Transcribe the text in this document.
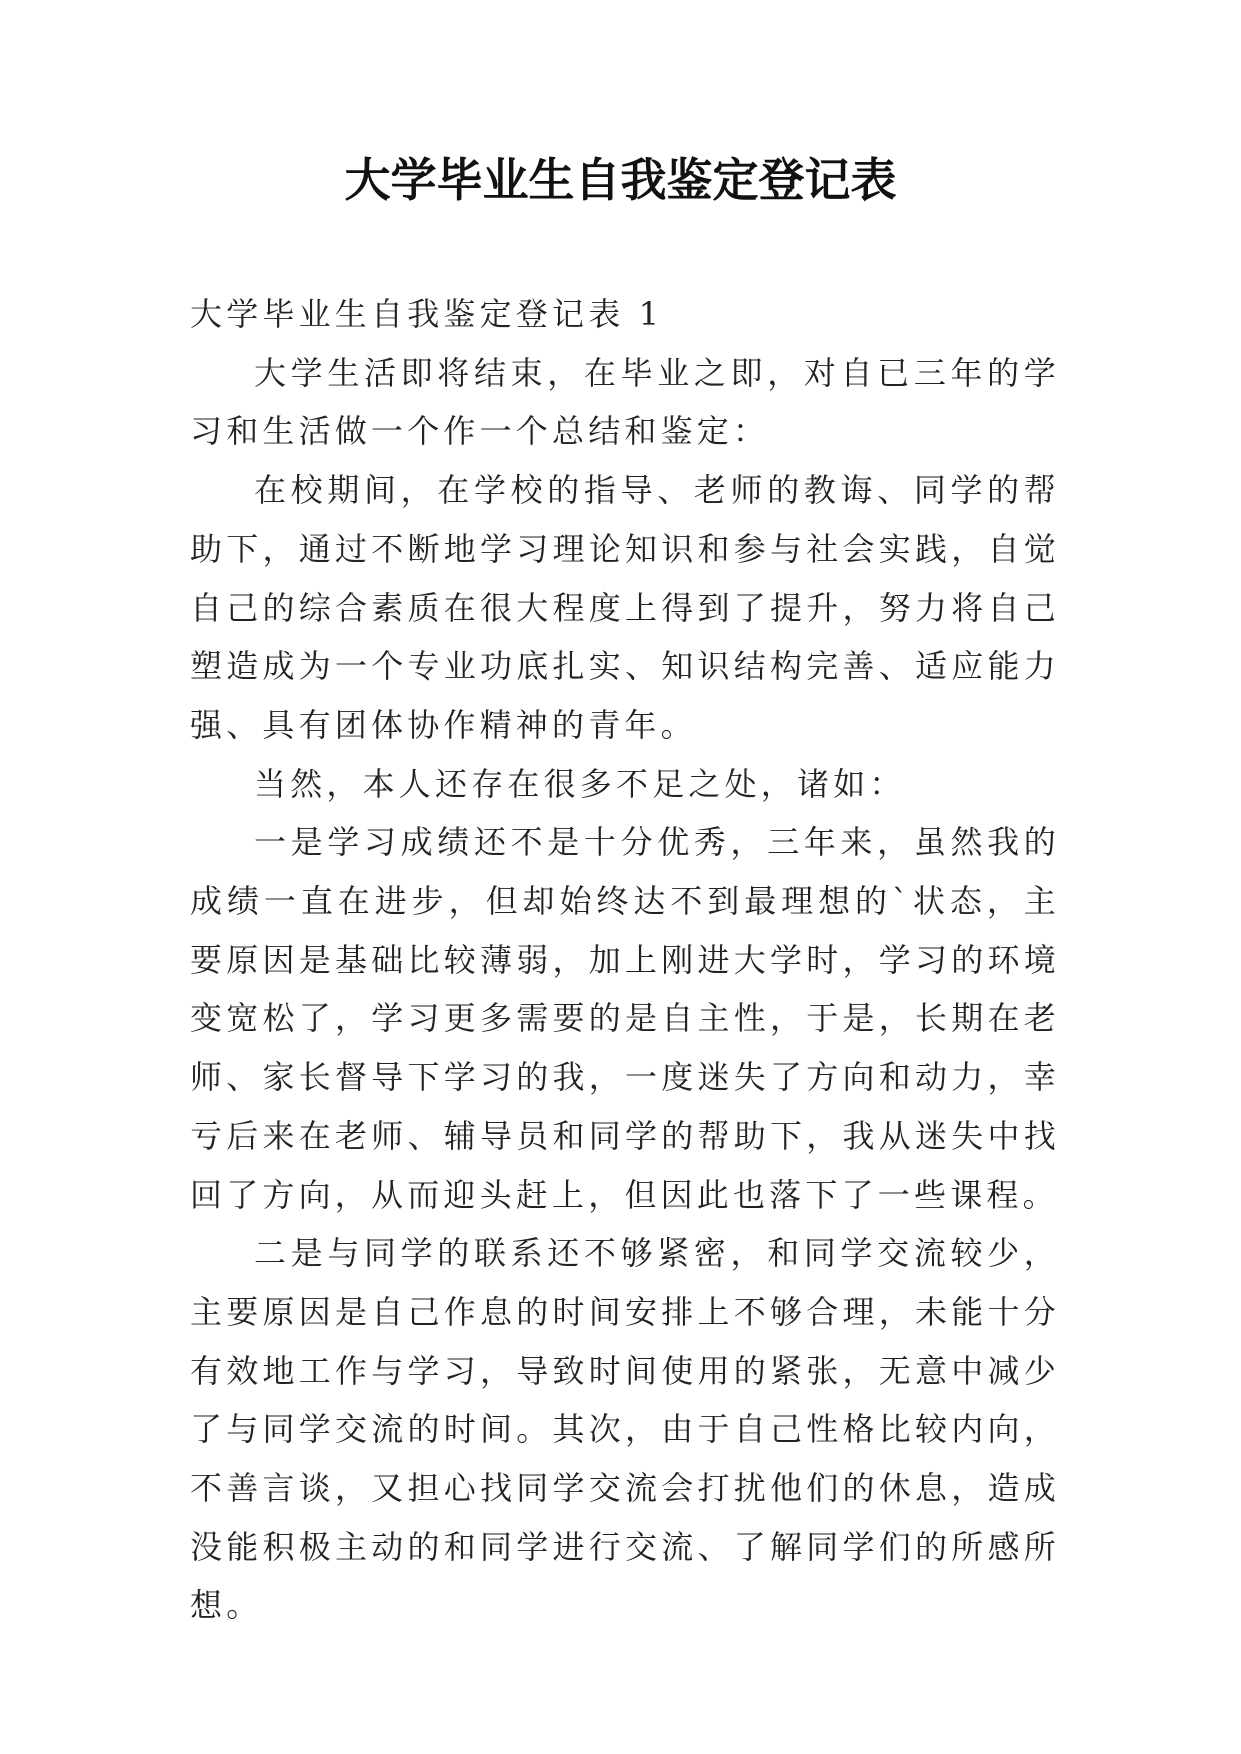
大学毕业生自我鉴定登记表

大学毕业生自我鉴定登记表 1

大学生活即将结束，在毕业之即，对自已三年的学习和生活做一个作一个总结和鉴定：

在校期间，在学校的指导、老师的教诲、同学的帮助下，通过不断地学习理论知识和参与社会实践，自觉自己的综合素质在很大程度上得到了提升，努力将自己塑造成为一个专业功底扎实、知识结构完善、适应能力强、具有团体协作精神的青年。

当然，本人还存在很多不足之处，诸如：

一是学习成绩还不是十分优秀，三年来，虽然我的成绩一直在进步，但却始终达不到最理想的`状态，主要原因是基础比较薄弱，加上刚进大学时，学习的环境变宽松了，学习更多需要的是自主性，于是，长期在老师、家长督导下学习的我，一度迷失了方向和动力，幸亏后来在老师、辅导员和同学的帮助下，我从迷失中找回了方向，从而迎头赶上，但因此也落下了一些课程。

二是与同学的联系还不够紧密，和同学交流较少，主要原因是自己作息的时间安排上不够合理，未能十分有效地工作与学习，导致时间使用的紧张，无意中减少了与同学交流的时间。其次，由于自己性格比较内向，不善言谈，又担心找同学交流会打扰他们的休息，造成没能积极主动的和同学进行交流、了解同学们的所感所想。
